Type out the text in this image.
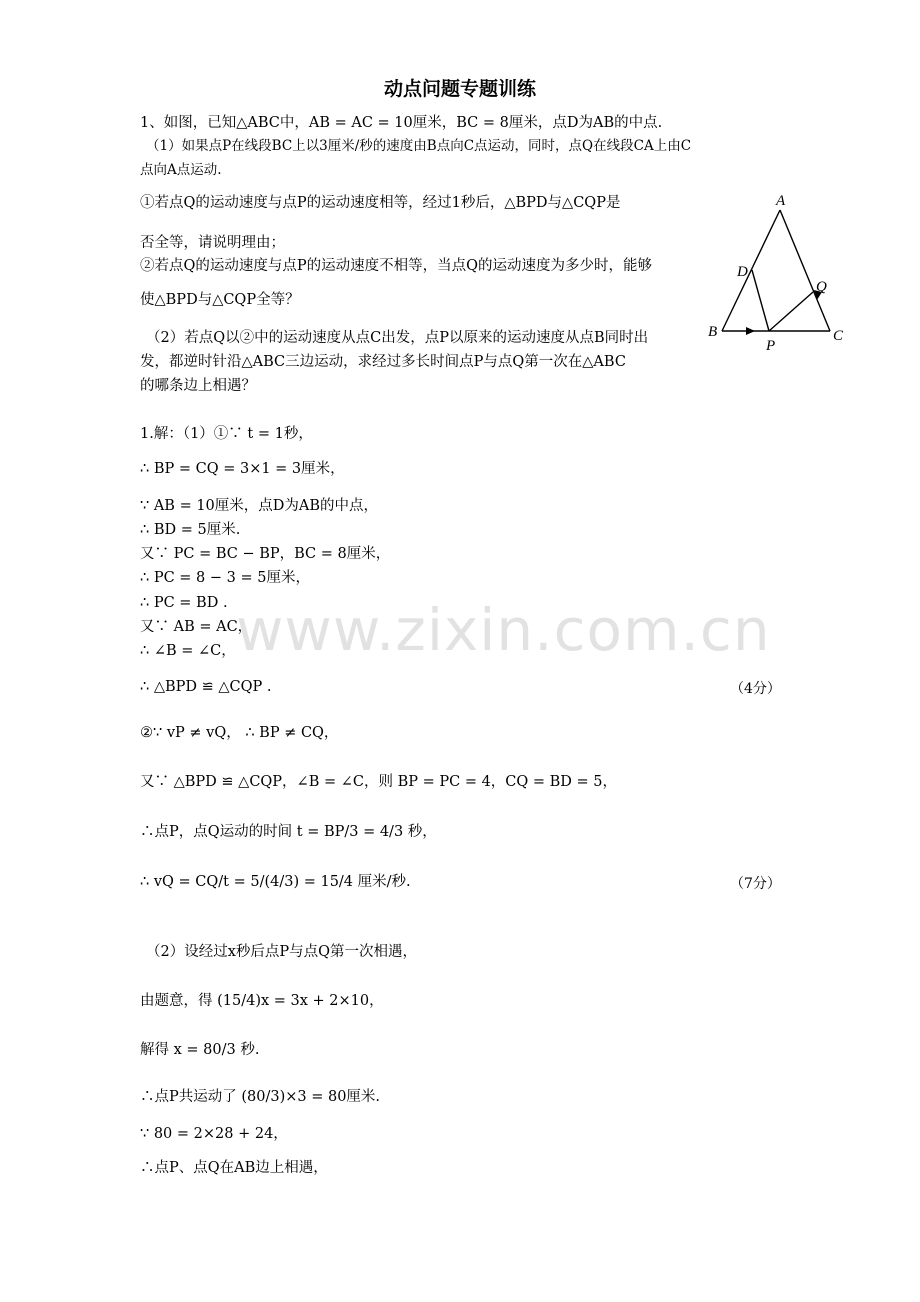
动点问题专题训练
1、如图，已知△ABC中，AB = AC = 10厘米，BC = 8厘米，点D为AB的中点.
（1）如果点P在线段BC上以3厘米/秒的速度由B点向C点运动，同时，点Q在线段CA上由C
点向A点运动.
①若点Q的运动速度与点P的运动速度相等，经过1秒后，△BPD与△CQP是
否全等，请说明理由；
②若点Q的运动速度与点P的运动速度不相等，当点Q的运动速度为多少时，能够
使△BPD与△CQP全等？
（2）若点Q以②中的运动速度从点C出发，点P以原来的运动速度从点B同时出
发，都逆时针沿△ABC三边运动，求经过多长时间点P与点Q第一次在△ABC
的哪条边上相遇？
A
B	C
D
P
Q
1.解：（1）①∵ t = 1秒，
∴ BP = CQ = 3×1 = 3厘米，
∵ AB = 10厘米，点D为AB的中点，
∴ BD = 5厘米.
又∵ PC = BC − BP，BC = 8厘米，
∴ PC = 8 − 3 = 5厘米，
∴ PC = BD .
又∵ AB = AC，
∴ ∠B = ∠C，
∴ △BPD ≌ △CQP .	（4分）
②∵ vP ≠ vQ， ∴ BP ≠ CQ，
又∵ △BPD ≌ △CQP，∠B = ∠C，则 BP = PC = 4，CQ = BD = 5，
∴点P，点Q运动的时间 t = BP/3 = 4/3 秒，
∴ vQ = CQ/t = 5/(4/3) = 15/4 厘米/秒.	（7分）
（2）设经过x秒后点P与点Q第一次相遇，
由题意，得 (15/4)x = 3x + 2×10，
解得 x = 80/3 秒.
∴点P共运动了 (80/3)×3 = 80厘米.
∵ 80 = 2×28 + 24，
∴点P、点Q在AB边上相遇，
www.zixin.com.cn
